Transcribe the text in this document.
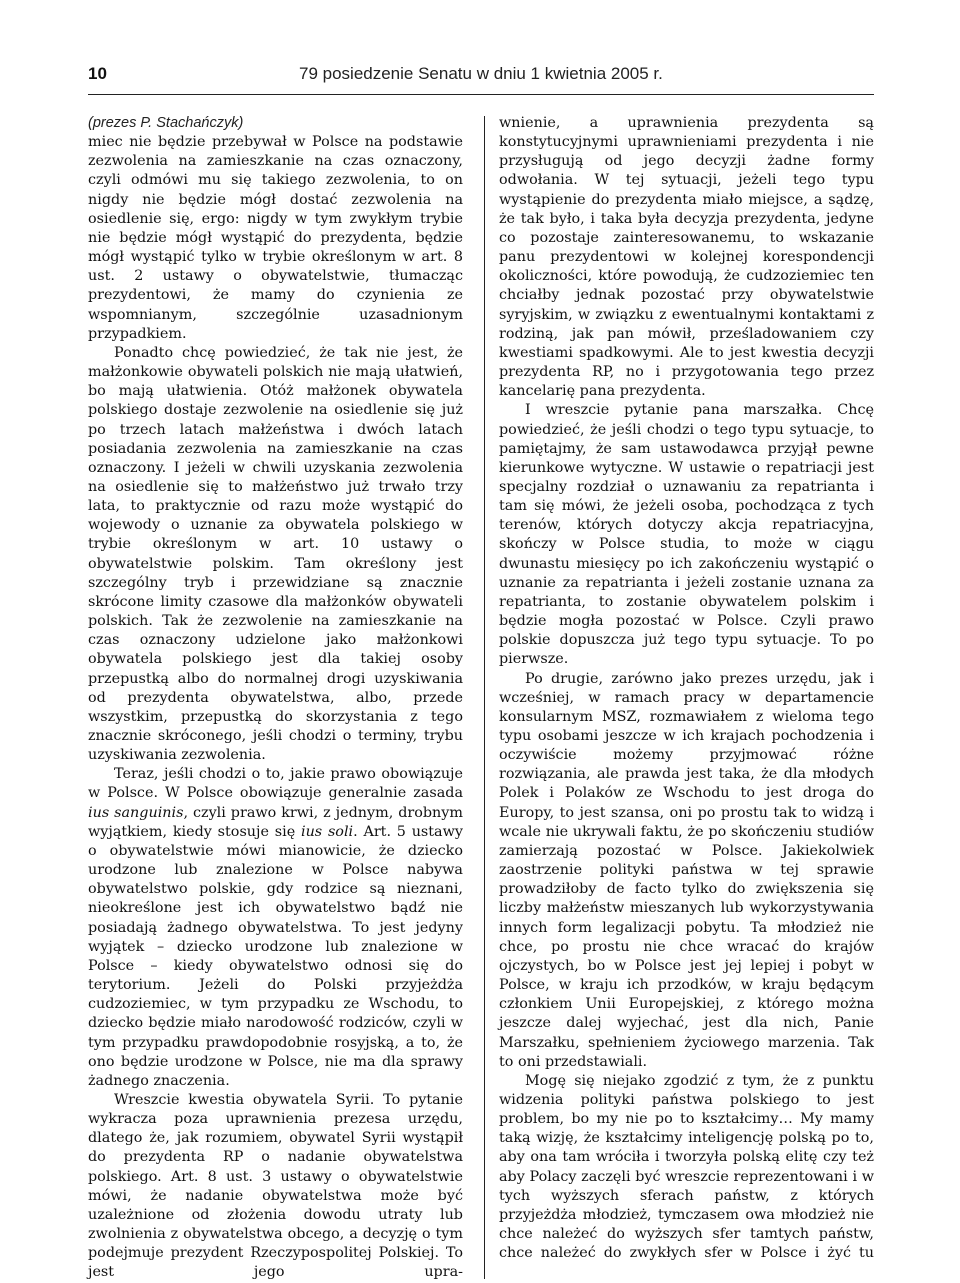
10	79 posiedzenie Senatu w dniu 1 kwietnia 2005 r.

(prezes P. Stachańczyk)

miec nie będzie przebywał w Polsce na podstawie zezwolenia na zamieszkanie na czas oznaczony, czyli odmówi mu się takiego zezwolenia, to on nigdy nie będzie mógł dostać zezwolenia na osiedlenie się, ergo: nigdy w tym zwykłym trybie nie będzie mógł wystąpić do prezydenta, będzie mógł wystąpić tylko w trybie określonym w art. 8 ust. 2 ustawy o obywatelstwie, tłumacząc prezydentowi, że mamy do czynienia ze wspomnianym, szczególnie uzasadnionym przypadkiem.

Ponadto chcę powiedzieć, że tak nie jest, że małżonkowie obywateli polskich nie mają ułatwień, bo mają ułatwienia. Otóż małżonek obywatela polskiego dostaje zezwolenie na osiedlenie się już po trzech latach małżeństwa i dwóch latach posiadania zezwolenia na zamieszkanie na czas oznaczony. I jeżeli w chwili uzyskania zezwolenia na osiedlenie się to małżeństwo już trwało trzy lata, to praktycznie od razu może wystąpić do wojewody o uznanie za obywatela polskiego w trybie określonym w art. 10 ustawy o obywatelstwie polskim. Tam określony jest szczególny tryb i przewidziane są znacznie skrócone limity czasowe dla małżonków obywateli polskich. Tak że zezwolenie na zamieszkanie na czas oznaczony udzielone jako małżonkowi obywatela polskiego jest dla takiej osoby przepustką albo do normalnej drogi uzyskiwania od prezydenta obywatelstwa, albo, przede wszystkim, przepustką do skorzystania z tego znacznie skróconego, jeśli chodzi o terminy, trybu uzyskiwania zezwolenia.

Teraz, jeśli chodzi o to, jakie prawo obowiązuje w Polsce. W Polsce obowiązuje generalnie zasada ius sanguinis, czyli prawo krwi, z jednym, drobnym wyjątkiem, kiedy stosuje się ius soli. Art. 5 ustawy o obywatelstwie mówi mianowicie, że dziecko urodzone lub znalezione w Polsce nabywa obywatelstwo polskie, gdy rodzice są nieznani, nieokreślone jest ich obywatelstwo bądź nie posiadają żadnego obywatelstwa. To jest jedyny wyjątek – dziecko urodzone lub znalezione w Polsce – kiedy obywatelstwo odnosi się do terytorium. Jeżeli do Polski przyjeżdża cudzoziemiec, w tym przypadku ze Wschodu, to dziecko będzie miało narodowość rodziców, czyli w tym przypadku prawdopodobnie rosyjską, a to, że ono będzie urodzone w Polsce, nie ma dla sprawy żadnego znaczenia.

Wreszcie kwestia obywatela Syrii. To pytanie wykracza poza uprawnienia prezesa urzędu, dlatego że, jak rozumiem, obywatel Syrii wystąpił do prezydenta RP o nadanie obywatelstwa polskiego. Art. 8 ust. 3 ustawy o obywatelstwie mówi, że nadanie obywatelstwa może być uzależnione od złożenia dowodu utraty lub zwolnienia z obywatelstwa obcego, a decyzję o tym podejmuje prezydent Rzeczypospolitej Polskiej. To jest jego upra-

wnienie, a uprawnienia prezydenta są konstytucyjnymi uprawnieniami prezydenta i nie przysługują od jego decyzji żadne formy odwołania. W tej sytuacji, jeżeli tego typu wystąpienie do prezydenta miało miejsce, a sądzę, że tak było, i taka była decyzja prezydenta, jedyne co pozostaje zainteresowanemu, to wskazanie panu prezydentowi w kolejnej korespondencji okoliczności, które powodują, że cudzoziemiec ten chciałby jednak pozostać przy obywatelstwie syryjskim, w związku z ewentualnymi kontaktami z rodziną, jak pan mówił, prześladowaniem czy kwestiami spadkowymi. Ale to jest kwestia decyzji prezydenta RP, no i przygotowania tego przez kancelarię pana prezydenta.

I wreszcie pytanie pana marszałka. Chcę powiedzieć, że jeśli chodzi o tego typu sytuacje, to pamiętajmy, że sam ustawodawca przyjął pewne kierunkowe wytyczne. W ustawie o repatriacji jest specjalny rozdział o uznawaniu za repatrianta i tam się mówi, że jeżeli osoba, pochodząca z tych terenów, których dotyczy akcja repatriacyjna, skończy w Polsce studia, to może w ciągu dwunastu miesięcy po ich zakończeniu wystąpić o uznanie za repatrianta i jeżeli zostanie uznana za repatrianta, to zostanie obywatelem polskim i będzie mogła pozostać w Polsce. Czyli prawo polskie dopuszcza już tego typu sytuacje. To po pierwsze.

Po drugie, zarówno jako prezes urzędu, jak i wcześniej, w ramach pracy w departamencie konsularnym MSZ, rozmawiałem z wieloma tego typu osobami jeszcze w ich krajach pochodzenia i oczywiście możemy przyjmować różne rozwiązania, ale prawda jest taka, że dla młodych Polek i Polaków ze Wschodu to jest droga do Europy, to jest szansa, oni po prostu tak to widzą i wcale nie ukrywali faktu, że po skończeniu studiów zamierzają pozostać w Polsce. Jakiekolwiek zaostrzenie polityki państwa w tej sprawie prowadziłoby de facto tylko do zwiększenia się liczby małżeństw mieszanych lub wykorzystywania innych form legalizacji pobytu. Ta młodzież nie chce, po prostu nie chce wracać do krajów ojczystych, bo w Polsce jest jej lepiej i pobyt w Polsce, w kraju ich przodków, w kraju będącym członkiem Unii Europejskiej, z którego można jeszcze dalej wyjechać, jest dla nich, Panie Marszałku, spełnieniem życiowego marzenia. Tak to oni przedstawiali.

Mogę się niejako zgodzić z tym, że z punktu widzenia polityki państwa polskiego to jest problem, bo my nie po to kształcimy… My mamy taką wizję, że kształcimy inteligencję polską po to, aby ona tam wróciła i tworzyła polską elitę czy też aby Polacy zaczęli być wreszcie reprezentowani i w tych wyższych sferach państw, z których przyjeżdża młodzież, tymczasem owa młodzież nie chce należeć do wyższych sfer tamtych państw, chce należeć do zwykłych sfer w Polsce i żyć tu
